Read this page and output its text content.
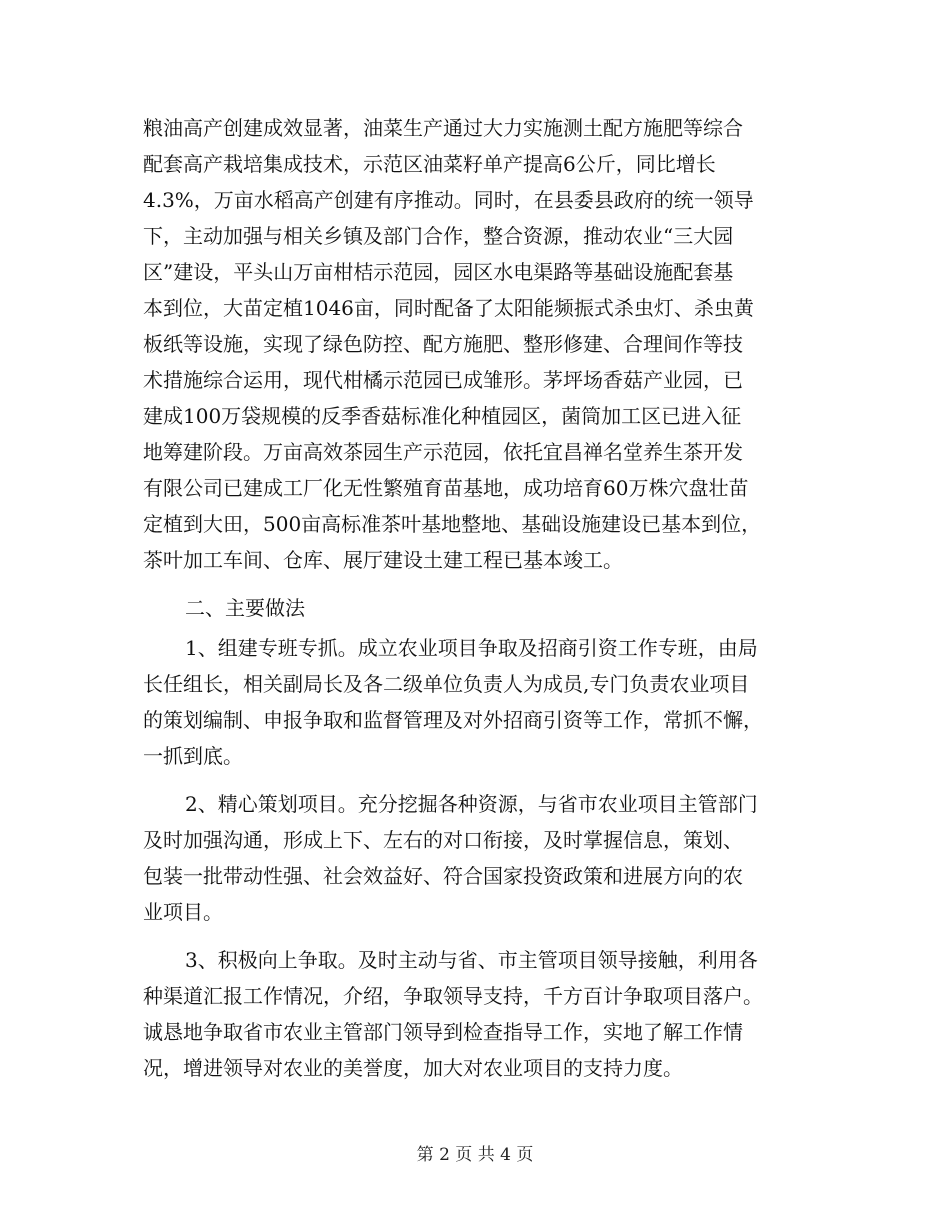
粮油高产创建成效显著，油菜生产通过大力实施测土配方施肥等综合
配套高产栽培集成技术，示范区油菜籽单产提高6公斤，同比增长
4.3%，万亩水稻高产创建有序推动。同时，在县委县政府的统一领导
下，主动加强与相关乡镇及部门合作，整合资源，推动农业“三大园
区”建设，平头山万亩柑桔示范园，园区水电渠路等基础设施配套基
本到位，大苗定植1046亩，同时配备了太阳能频振式杀虫灯、杀虫黄
板纸等设施，实现了绿色防控、配方施肥、整形修建、合理间作等技
术措施综合运用，现代柑橘示范园已成雏形。茅坪场香菇产业园，已
建成100万袋规模的反季香菇标准化种植园区，菌筒加工区已进入征
地筹建阶段。万亩高效茶园生产示范园，依托宜昌禅名堂养生茶开发
有限公司已建成工厂化无性繁殖育苗基地，成功培育60万株穴盘壮苗
定植到大田，500亩高标准茶叶基地整地、基础设施建设已基本到位，
茶叶加工车间、仓库、展厅建设土建工程已基本竣工。
二、主要做法
1、组建专班专抓。成立农业项目争取及招商引资工作专班，由局
长任组长，相关副局长及各二级单位负责人为成员,专门负责农业项目
的策划编制、申报争取和监督管理及对外招商引资等工作，常抓不懈，
一抓到底。
2、精心策划项目。充分挖掘各种资源，与省市农业项目主管部门
及时加强沟通，形成上下、左右的对口衔接，及时掌握信息，策划、
包装一批带动性强、社会效益好、符合国家投资政策和进展方向的农
业项目。
3、积极向上争取。及时主动与省、市主管项目领导接触，利用各
种渠道汇报工作情况，介绍，争取领导支持，千方百计争取项目落户。
诚恳地争取省市农业主管部门领导到检查指导工作，实地了解工作情
况，增进领导对农业的美誉度，加大对农业项目的支持力度。
第 2 页 共 4 页
